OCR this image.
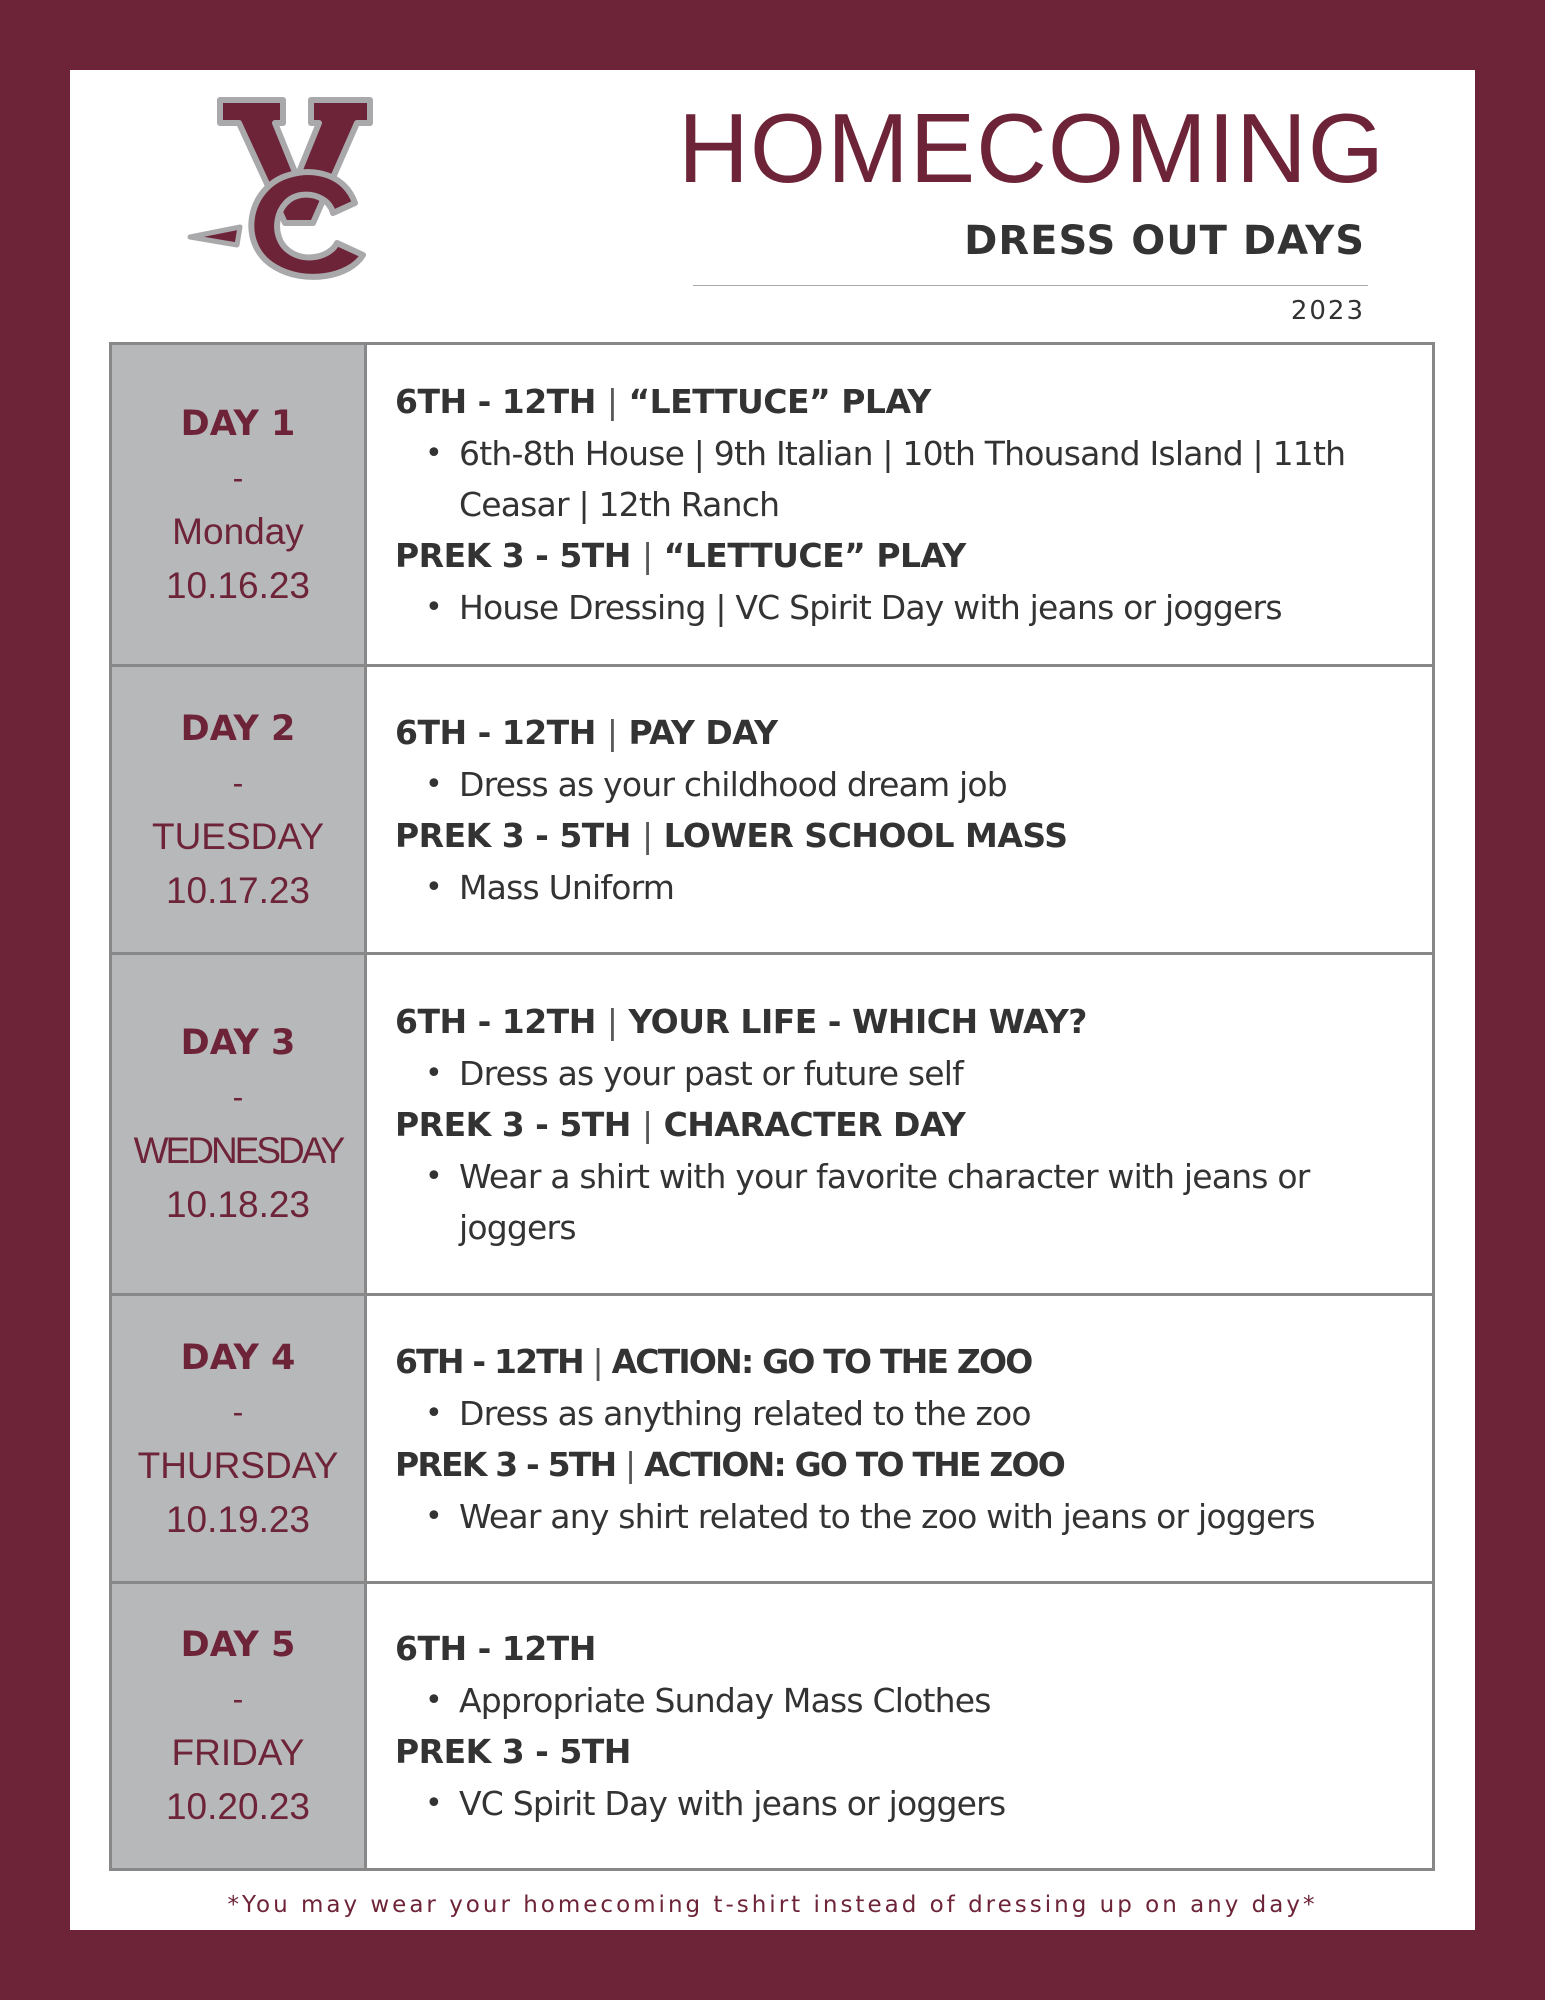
HOMECOMING
DRESS OUT DAYS
2023
DAY 1
-
Monday
10.16.23
6TH - 12TH | “LETTUCE” PLAY
• 6th-8th House | 9th Italian | 10th Thousand Island | 11th Ceasar | 12th Ranch
PREK 3 - 5TH | “LETTUCE” PLAY
• House Dressing | VC Spirit Day with jeans or joggers
DAY 2
-
TUESDAY
10.17.23
6TH - 12TH | PAY DAY
• Dress as your childhood dream job
PREK 3 - 5TH | LOWER SCHOOL MASS
• Mass Uniform
DAY 3
-
WEDNESDAY
10.18.23
6TH - 12TH | YOUR LIFE - WHICH WAY?
• Dress as your past or future self
PREK 3 - 5TH | CHARACTER DAY
• Wear a shirt with your favorite character with jeans or joggers
DAY 4
-
THURSDAY
10.19.23
6TH - 12TH | ACTION: GO TO THE ZOO
• Dress as anything related to the zoo
PREK 3 - 5TH | ACTION: GO TO THE ZOO
• Wear any shirt related to the zoo with jeans or joggers
DAY 5
-
FRIDAY
10.20.23
6TH - 12TH
• Appropriate Sunday Mass Clothes
PREK 3 - 5TH
• VC Spirit Day with jeans or joggers
*You may wear your homecoming t-shirt instead of dressing up on any day*
